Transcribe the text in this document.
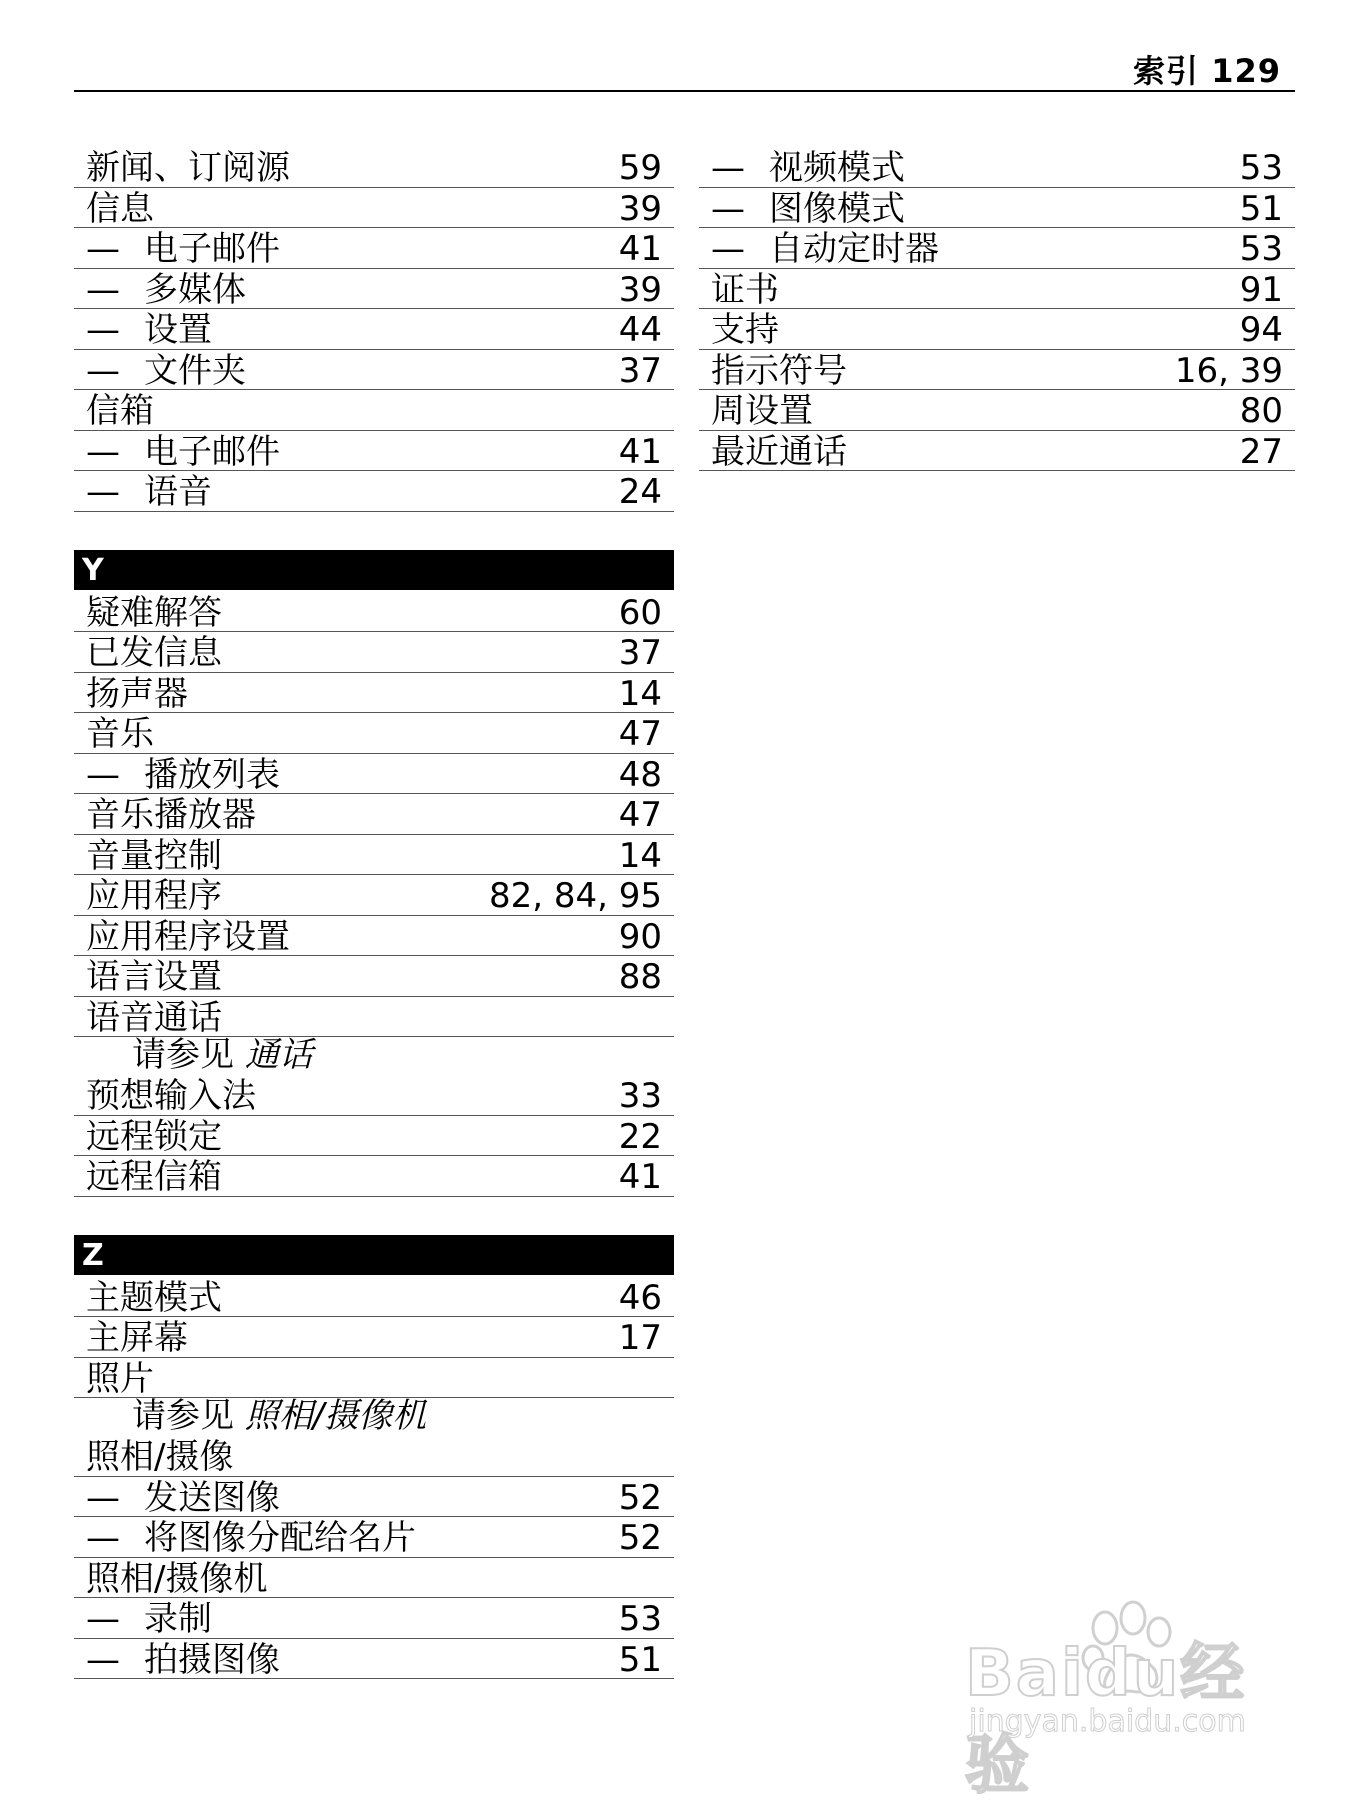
索引 129
新闻、订阅源	59
信息	39
— 电子邮件	41
— 多媒体	39
— 设置	44
— 文件夹	37
信箱
— 电子邮件	41
— 语音	24
Y
疑难解答	60
已发信息	37
扬声器	14
音乐	47
— 播放列表	48
音乐播放器	47
音量控制	14
应用程序	82, 84, 95
应用程序设置	90
语言设置	88
语音通话
请参见 通话
预想输入法	33
远程锁定	22
远程信箱	41
Z
主题模式	46
主屏幕	17
照片
请参见 照相/摄像机
照相/摄像
— 发送图像	52
— 将图像分配给名片	52
照相/摄像机
— 录制	53
— 拍摄图像	51
— 视频模式	53
— 图像模式	51
— 自动定时器	53
证书	91
支持	94
指示符号	16, 39
周设置	80
最近通话	27
Baidu经验
jingyan.baidu.com
